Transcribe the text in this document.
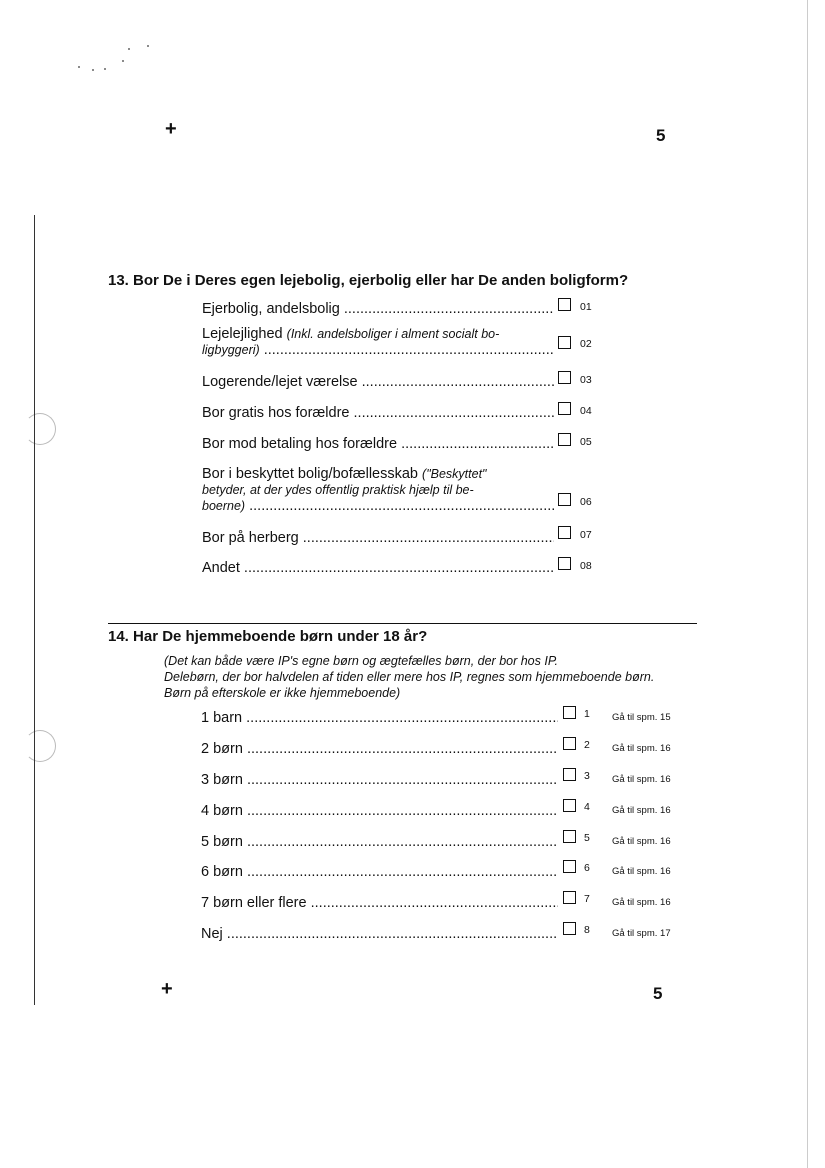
+	5
13. Bor De i Deres egen lejebolig, ejerbolig eller har De anden boligform?
Ejerbolig, andelsbolig .....	01
Lejelejlighed (Inkl. andelsboliger i alment socialt bo-
ligbyggeri) .....	02
Logerende/lejet værelse .....	03
Bor gratis hos forældre .....	04
Bor mod betaling hos forældre .....	05
Bor i beskyttet bolig/bofællesskab ("Beskyttet"
betyder, at der ydes offentlig praktisk hjælp til be-
boerne) .....	06
Bor på herberg .....	07
Andet .....	08
14. Har De hjemmeboende børn under 18 år?
(Det kan både være IP's egne børn og ægtefælles børn, der bor hos IP.
Delebørn, der bor halvdelen af tiden eller mere hos IP, regnes som hjemmeboende børn.
Børn på efterskole er ikke hjemmeboende)
1 barn .....	1 Gå til spm. 15
2 børn .....	2 Gå til spm. 16
3 børn .....	3 Gå til spm. 16
4 børn .....	4 Gå til spm. 16
5 børn .....	5 Gå til spm. 16
6 børn .....	6 Gå til spm. 16
7 børn eller flere .....	7 Gå til spm. 16
Nej .....	8 Gå til spm. 17
+	5
